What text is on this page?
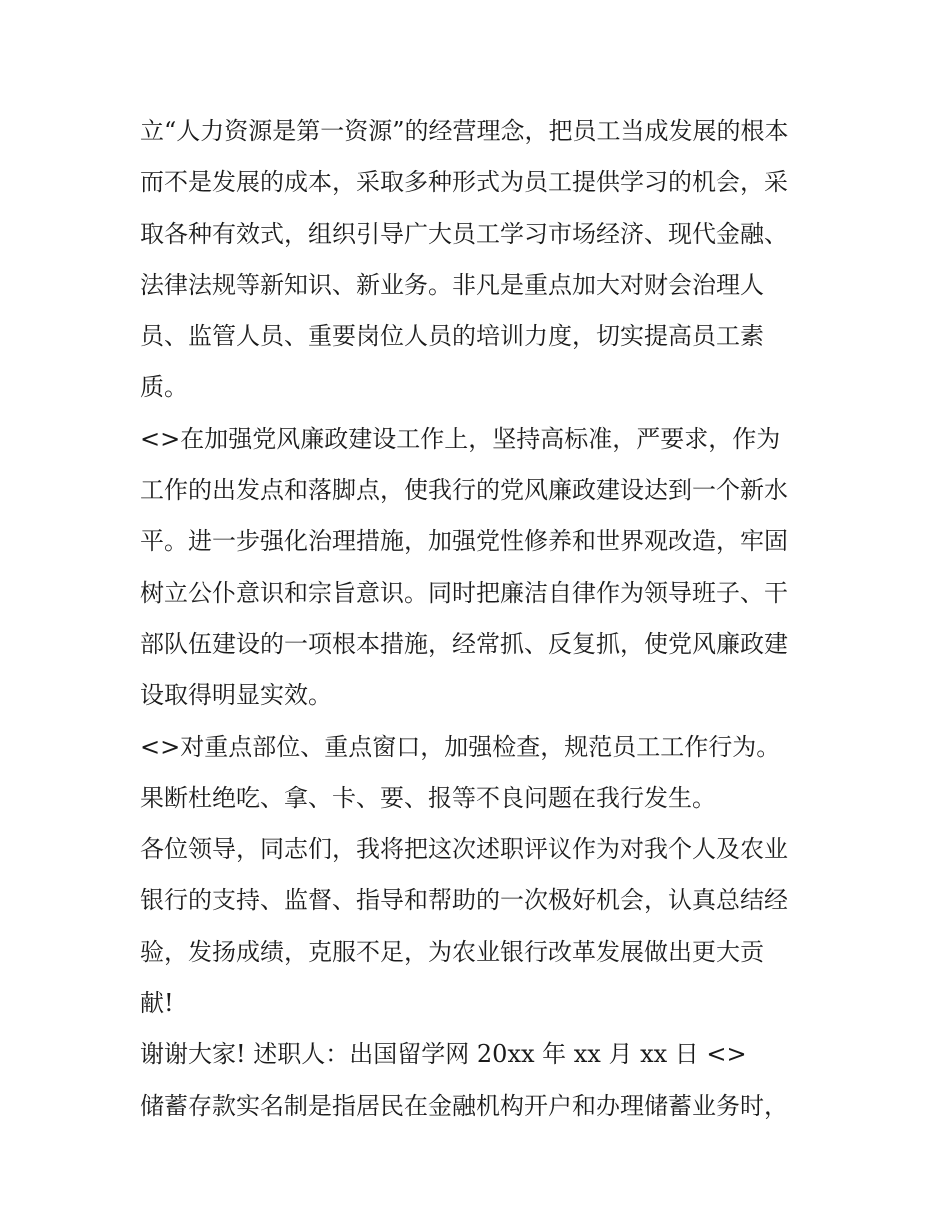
立“人力资源是第一资源”的经营理念，把员工当成发展的根本
而不是发展的成本，采取多种形式为员工提供学习的机会，采
取各种有效式，组织引导广大员工学习市场经济、现代金融、
法律法规等新知识、新业务。非凡是重点加大对财会治理人
员、监管人员、重要岗位人员的培训力度，切实提高员工素
质。
<>在加强党风廉政建设工作上，坚持高标准，严要求，作为
工作的出发点和落脚点，使我行的党风廉政建设达到一个新水
平。进一步强化治理措施，加强党性修养和世界观改造，牢固
树立公仆意识和宗旨意识。同时把廉洁自律作为领导班子、干
部队伍建设的一项根本措施，经常抓、反复抓，使党风廉政建
设取得明显实效。
<>对重点部位、重点窗口，加强检查，规范员工工作行为。
果断杜绝吃、拿、卡、要、报等不良问题在我行发生。
各位领导，同志们，我将把这次述职评议作为对我个人及农业
银行的支持、监督、指导和帮助的一次极好机会，认真总结经
验，发扬成绩，克服不足，为农业银行改革发展做出更大贡
献!
谢谢大家! 述职人：出国留学网 20xx 年 xx 月 xx 日 <>
储蓄存款实名制是指居民在金融机构开户和办理储蓄业务时，
